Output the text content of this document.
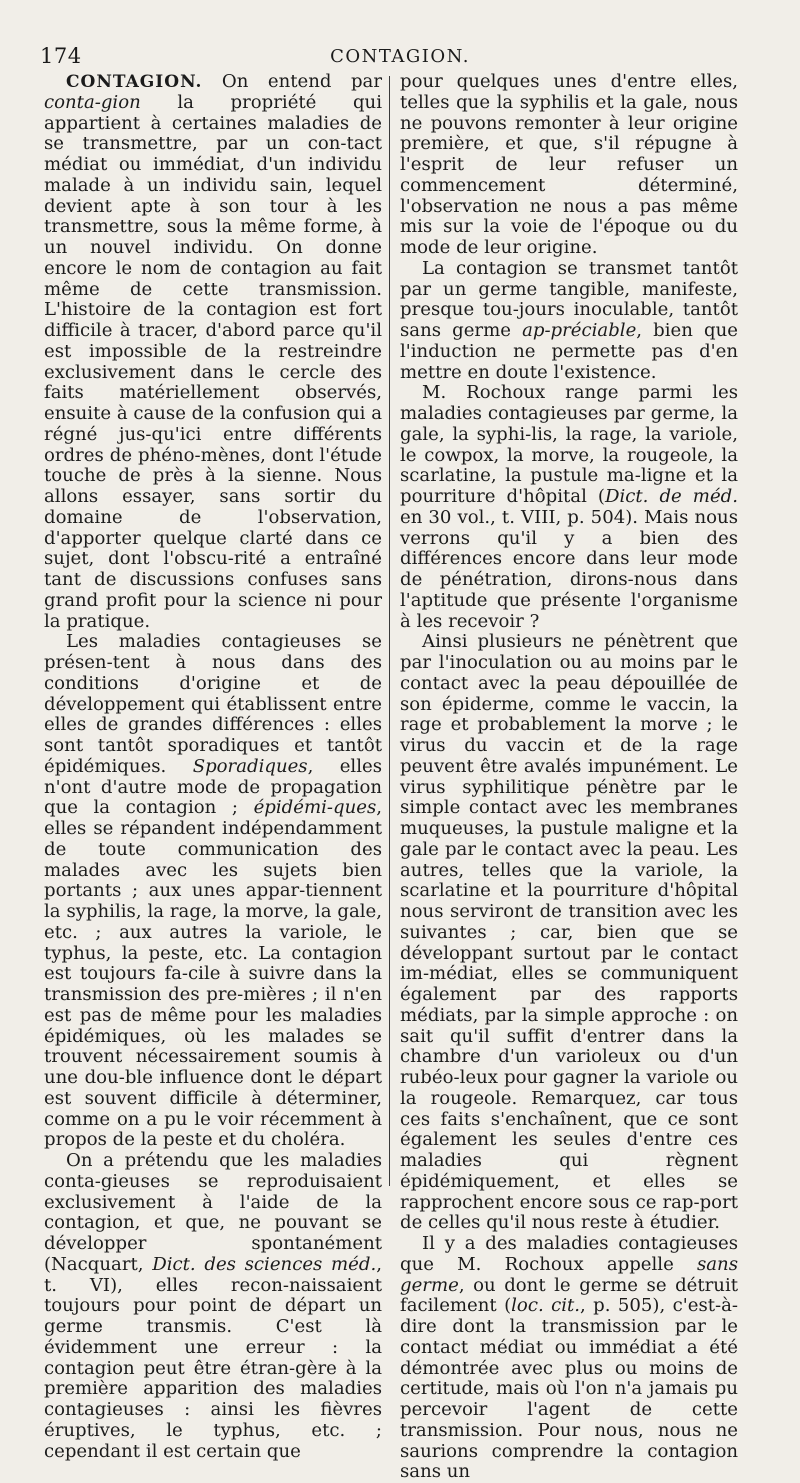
174	CONTAGION.

CONTAGION. On entend par conta-gion la propriété qui appartient à certaines maladies de se transmettre, par un con-tact médiat ou immédiat, d'un individu malade à un individu sain, lequel devient apte à son tour à les transmettre, sous la même forme, à un nouvel individu. On donne encore le nom de contagion au fait même de cette transmission. L'histoire de la contagion est fort difficile à tracer, d'abord parce qu'il est impossible de la restreindre exclusivement dans le cercle des faits matériellement observés, ensuite à cause de la confusion qui a régné jus-qu'ici entre différents ordres de phéno-mènes, dont l'étude touche de près à la sienne. Nous allons essayer, sans sortir du domaine de l'observation, d'apporter quelque clarté dans ce sujet, dont l'obscu-rité a entraîné tant de discussions confuses sans grand profit pour la science ni pour la pratique.

Les maladies contagieuses se présen-tent à nous dans des conditions d'origine et de développement qui établissent entre elles de grandes différences : elles sont tantôt sporadiques et tantôt épidémiques. Sporadiques, elles n'ont d'autre mode de propagation que la contagion ; épidémi-ques, elles se répandent indépendamment de toute communication des malades avec les sujets bien portants ; aux unes appar-tiennent la syphilis, la rage, la morve, la gale, etc. ; aux autres la variole, le typhus, la peste, etc. La contagion est toujours fa-cile à suivre dans la transmission des pre-mières ; il n'en est pas de même pour les maladies épidémiques, où les malades se trouvent nécessairement soumis à une dou-ble influence dont le départ est souvent difficile à déterminer, comme on a pu le voir récemment à propos de la peste et du choléra.

On a prétendu que les maladies conta-gieuses se reproduisaient exclusivement à l'aide de la contagion, et que, ne pouvant se développer spontanément (Nacquart, Dict. des sciences méd., t. VI), elles recon-naissaient toujours pour point de départ un germe transmis. C'est là évidemment une erreur : la contagion peut être étran-gère à la première apparition des maladies contagieuses : ainsi les fièvres éruptives, le typhus, etc. ; cependant il est certain que

pour quelques unes d'entre elles, telles que la syphilis et la gale, nous ne pouvons remonter à leur origine première, et que, s'il répugne à l'esprit de leur refuser un commencement déterminé, l'observation ne nous a pas même mis sur la voie de l'époque ou du mode de leur origine.

La contagion se transmet tantôt par un germe tangible, manifeste, presque tou-jours inoculable, tantôt sans germe ap-préciable, bien que l'induction ne permette pas d'en mettre en doute l'existence.

M. Rochoux range parmi les maladies contagieuses par germe, la gale, la syphi-lis, la rage, la variole, le cowpox, la morve, la rougeole, la scarlatine, la pustule ma-ligne et la pourriture d'hôpital (Dict. de méd. en 30 vol., t. VIII, p. 504). Mais nous verrons qu'il y a bien des différences encore dans leur mode de pénétration, dirons-nous dans l'aptitude que présente l'organisme à les recevoir ?

Ainsi plusieurs ne pénètrent que par l'inoculation ou au moins par le contact avec la peau dépouillée de son épiderme, comme le vaccin, la rage et probablement la morve ; le virus du vaccin et de la rage peuvent être avalés impunément. Le virus syphilitique pénètre par le simple contact avec les membranes muqueuses, la pustule maligne et la gale par le contact avec la peau. Les autres, telles que la variole, la scarlatine et la pourriture d'hôpital nous serviront de transition avec les suivantes ; car, bien que se développant surtout par le contact im-médiat, elles se communiquent également par des rapports médiats, par la simple approche : on sait qu'il suffit d'entrer dans la chambre d'un varioleux ou d'un rubéo-leux pour gagner la variole ou la rougeole. Remarquez, car tous ces faits s'enchaînent, que ce sont également les seules d'entre ces maladies qui règnent épidémiquement, et elles se rapprochent encore sous ce rap-port de celles qu'il nous reste à étudier.

Il y a des maladies contagieuses que M. Rochoux appelle sans germe, ou dont le germe se détruit facilement (loc. cit., p. 505), c'est-à-dire dont la transmission par le contact médiat ou immédiat a été démontrée avec plus ou moins de certitude, mais où l'on n'a jamais pu percevoir l'agent de cette transmission. Pour nous, nous ne saurions comprendre la contagion sans un
